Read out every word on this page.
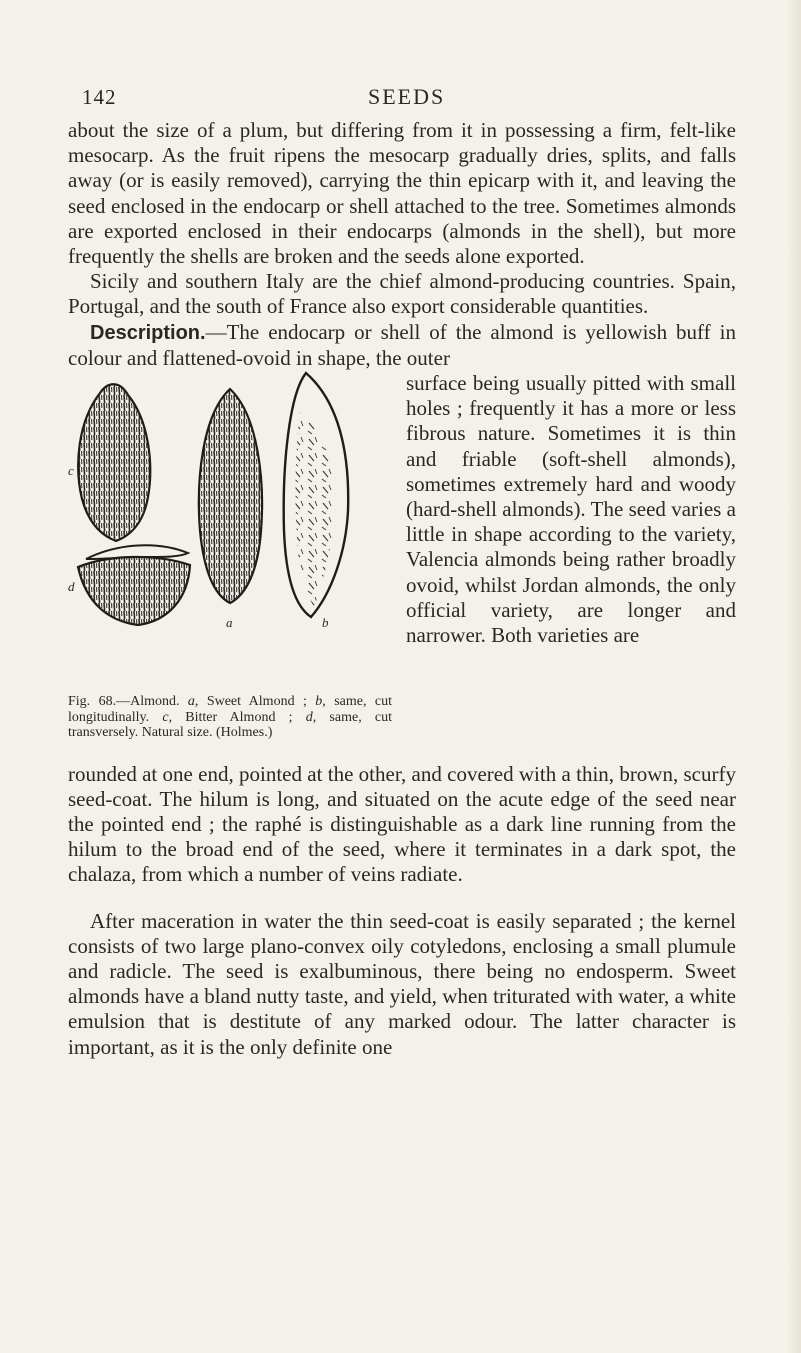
142	SEEDS

about the size of a plum, but differing from it in possessing a firm, felt-like mesocarp. As the fruit ripens the mesocarp gradually dries, splits, and falls away (or is easily removed), carrying the thin epicarp with it, and leaving the seed enclosed in the endocarp or shell attached to the tree. Sometimes almonds are exported enclosed in their endocarps (almonds in the shell), but more frequently the shells are broken and the seeds alone exported.

Sicily and southern Italy are the chief almond-producing countries. Spain, Portugal, and the south of France also export considerable quantities.

Description.—The endocarp or shell of the almond is yellowish buff in colour and flattened-ovoid in shape, the outer

c
a	b
d
Fig. 68.—Almond. a, Sweet Almond ; b, same, cut longitudinally. c, Bitter Almond ; d, same, cut transversely. Natural size. (Holmes.)
surface being usually pitted with small holes ; frequently it has a more or less fibrous nature. Sometimes it is thin and friable (soft-shell almonds), sometimes extremely hard and woody (hard-shell almonds). The seed varies a little in shape according to the variety, Valencia almonds being rather broadly ovoid, whilst Jordan almonds, the only official variety, are longer and narrower. Both varieties are

rounded at one end, pointed at the other, and covered with a thin, brown, scurfy seed-coat. The hilum is long, and situated on the acute edge of the seed near the pointed end ; the raphé is distinguishable as a dark line running from the hilum to the broad end of the seed, where it terminates in a dark spot, the chalaza, from which a number of veins radiate.

After maceration in water the thin seed-coat is easily separated ; the kernel consists of two large plano-convex oily cotyledons, enclosing a small plumule and radicle. The seed is exalbuminous, there being no endosperm. Sweet almonds have a bland nutty taste, and yield, when triturated with water, a white emulsion that is destitute of any marked odour. The latter character is important, as it is the only definite one
